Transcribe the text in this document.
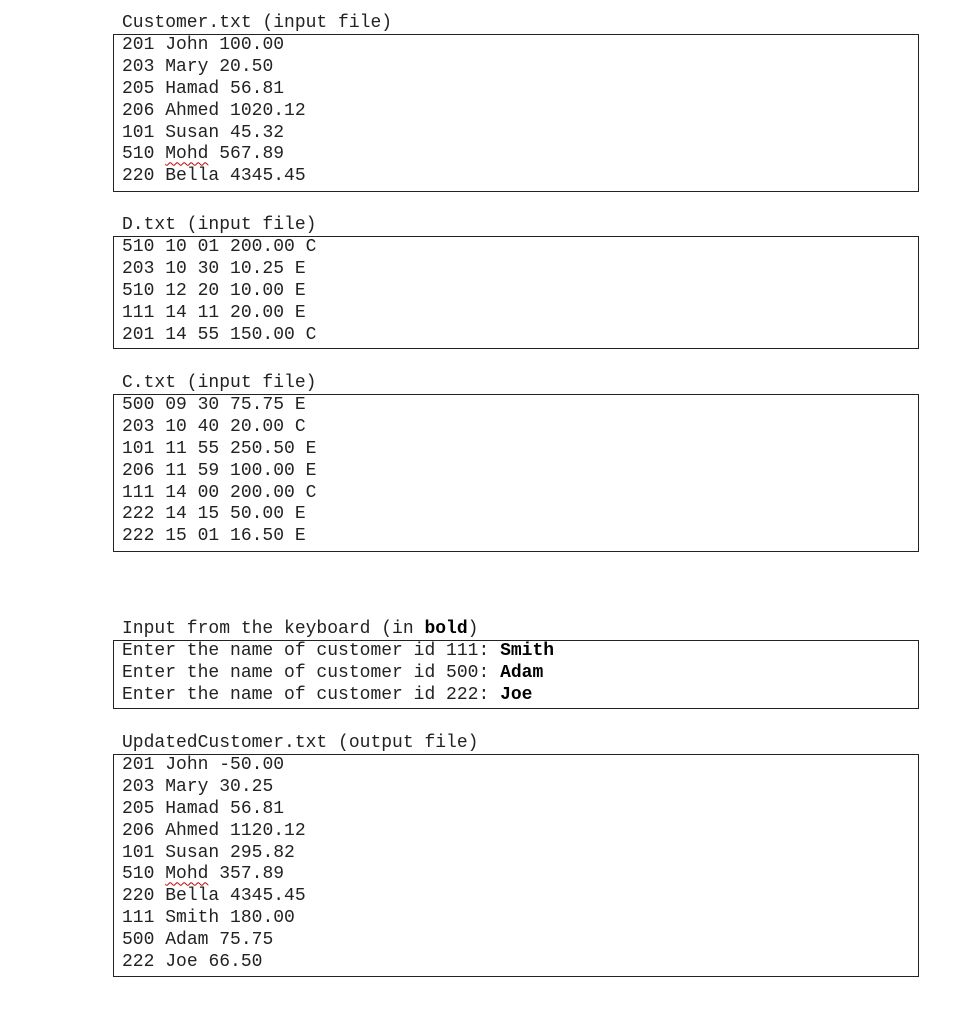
Customer.txt (input file)
201 John 100.00
203 Mary 20.50
205 Hamad 56.81
206 Ahmed 1020.12
101 Susan 45.32
510 Mohd 567.89
220 Bella 4345.45
D.txt (input file)
510 10 01 200.00 C
203 10 30 10.25 E
510 12 20 10.00 E
111 14 11 20.00 E
201 14 55 150.00 C
C.txt (input file)
500 09 30 75.75 E
203 10 40 20.00 C
101 11 55 250.50 E
206 11 59 100.00 E
111 14 00 200.00 C
222 14 15 50.00 E
222 15 01 16.50 E
Input from the keyboard (in bold)
Enter the name of customer id 111: Smith
Enter the name of customer id 500: Adam
Enter the name of customer id 222: Joe
UpdatedCustomer.txt (output file)
201 John -50.00
203 Mary 30.25
205 Hamad 56.81
206 Ahmed 1120.12
101 Susan 295.82
510 Mohd 357.89
220 Bella 4345.45
111 Smith 180.00
500 Adam 75.75
222 Joe 66.50
